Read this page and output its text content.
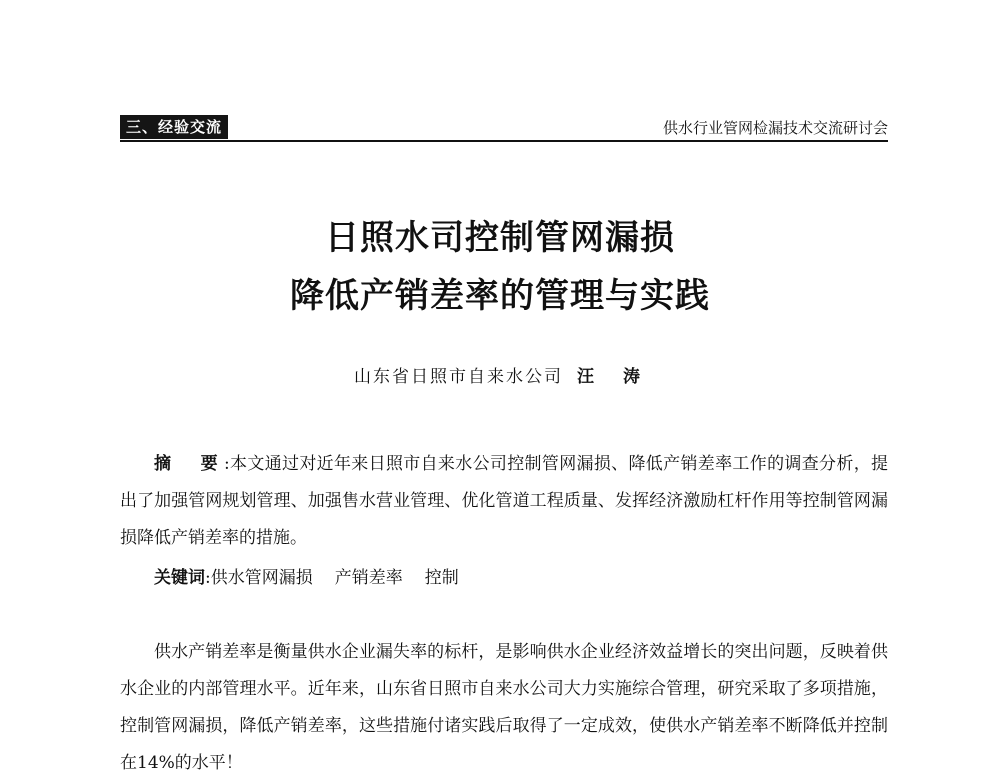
三、经验交流	供水行业管网检漏技术交流研讨会
日照水司控制管网漏损
降低产销差率的管理与实践
山东省日照市自来水公司 汪　涛

摘　要:本文通过对近年来日照市自来水公司控制管网漏损、降低产销差率工作的调查分析，提出了加强管网规划管理、加强售水营业管理、优化管道工程质量、发挥经济激励杠杆作用等控制管网漏损降低产销差率的措施。

关键词:供水管网漏损 产销差率 控制

供水产销差率是衡量供水企业漏失率的标杆，是影响供水企业经济效益增长的突出问题，反映着供水企业的内部管理水平。近年来，山东省日照市自来水公司大力实施综合管理，研究采取了多项措施，控制管网漏损，降低产销差率，这些措施付诸实践后取得了一定成效，使供水产销差率不断降低并控制在14%的水平！
